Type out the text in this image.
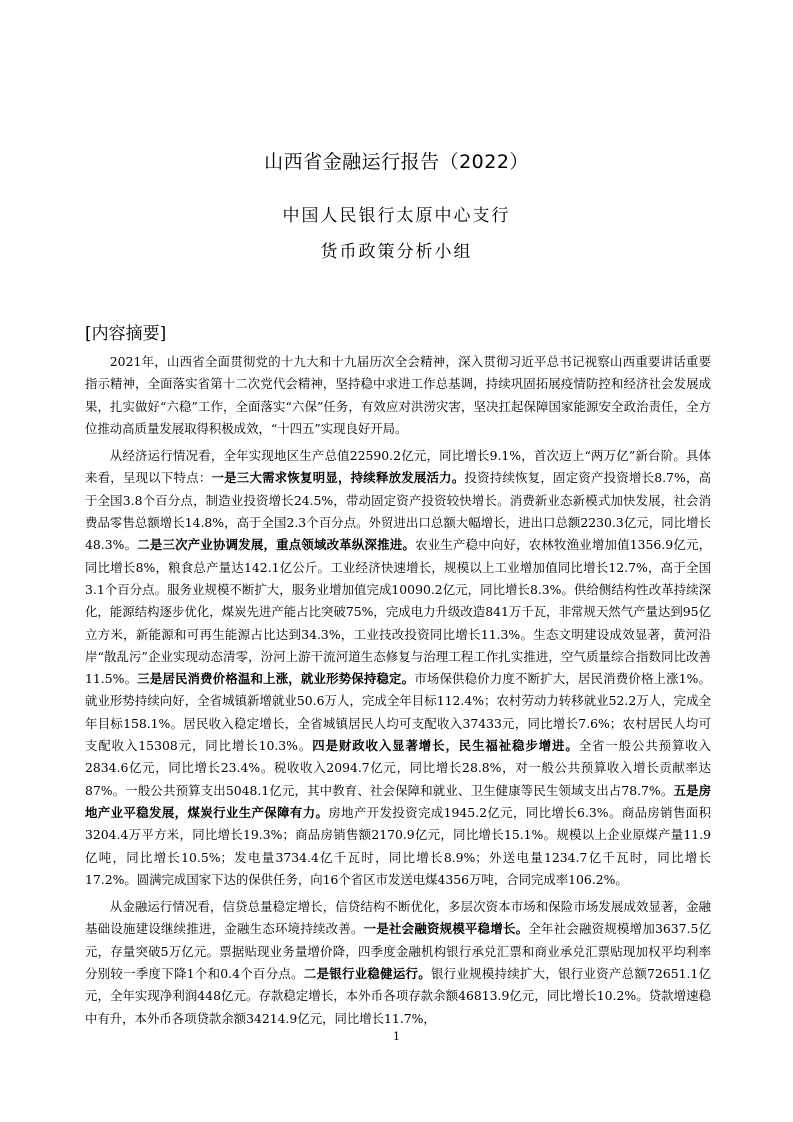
山西省金融运行报告（2022）
中国人民银行太原中心支行
货币政策分析小组
[内容摘要]

2021年，山西省全面贯彻党的十九大和十九届历次全会精神，深入贯彻习近平总书记视察山西重要讲话重要指示精神，全面落实省第十二次党代会精神，坚持稳中求进工作总基调，持续巩固拓展疫情防控和经济社会发展成果，扎实做好“六稳”工作，全面落实“六保”任务，有效应对洪涝灾害，坚决扛起保障国家能源安全政治责任，全方位推动高质量发展取得积极成效，“十四五”实现良好开局。

从经济运行情况看，全年实现地区生产总值22590.2亿元，同比增长9.1%，首次迈上“两万亿”新台阶。具体来看，呈现以下特点：一是三大需求恢复明显，持续释放发展活力。投资持续恢复，固定资产投资增长8.7%，高于全国3.8个百分点，制造业投资增长24.5%，带动固定资产投资较快增长。消费新业态新模式加快发展，社会消费品零售总额增长14.8%，高于全国2.3个百分点。外贸进出口总额大幅增长，进出口总额2230.3亿元，同比增长48.3%。二是三次产业协调发展，重点领域改革纵深推进。农业生产稳中向好，农林牧渔业增加值1356.9亿元，同比增长8%，粮食总产量达142.1亿公斤。工业经济快速增长，规模以上工业增加值同比增长12.7%，高于全国3.1个百分点。服务业规模不断扩大，服务业增加值完成10090.2亿元，同比增长8.3%。供给侧结构性改革持续深化，能源结构逐步优化，煤炭先进产能占比突破75%，完成电力升级改造841万千瓦，非常规天然气产量达到95亿立方米，新能源和可再生能源占比达到34.3%，工业技改投资同比增长11.3%。生态文明建设成效显著，黄河沿岸“散乱污”企业实现动态清零，汾河上游干流河道生态修复与治理工程工作扎实推进，空气质量综合指数同比改善11.5%。三是居民消费价格温和上涨，就业形势保持稳定。市场保供稳价力度不断扩大，居民消费价格上涨1%。就业形势持续向好，全省城镇新增就业50.6万人，完成全年目标112.4%；农村劳动力转移就业52.2万人，完成全年目标158.1%。居民收入稳定增长，全省城镇居民人均可支配收入37433元，同比增长7.6%；农村居民人均可支配收入15308元，同比增长10.3%。四是财政收入显著增长，民生福祉稳步增进。全省一般公共预算收入2834.6亿元，同比增长23.4%。税收收入2094.7亿元，同比增长28.8%，对一般公共预算收入增长贡献率达87%。一般公共预算支出5048.1亿元，其中教育、社会保障和就业、卫生健康等民生领域支出占78.7%。五是房地产业平稳发展，煤炭行业生产保障有力。房地产开发投资完成1945.2亿元，同比增长6.3%。商品房销售面积3204.4万平方米，同比增长19.3%；商品房销售额2170.9亿元，同比增长15.1%。规模以上企业原煤产量11.9亿吨，同比增长10.5%；发电量3734.4亿千瓦时，同比增长8.9%；外送电量1234.7亿千瓦时，同比增长17.2%。圆满完成国家下达的保供任务，向16个省区市发送电煤4356万吨，合同完成率106.2%。

从金融运行情况看，信贷总量稳定增长，信贷结构不断优化，多层次资本市场和保险市场发展成效显著，金融基础设施建设继续推进，金融生态环境持续改善。一是社会融资规模平稳增长。全年社会融资规模增加3637.5亿元，存量突破5万亿元。票据贴现业务量增价降，四季度金融机构银行承兑汇票和商业承兑汇票贴现加权平均利率分别较一季度下降1个和0.4个百分点。二是银行业稳健运行。银行业规模持续扩大，银行业资产总额72651.1亿元，全年实现净利润448亿元。存款稳定增长，本外币各项存款余额46813.9亿元，同比增长10.2%。贷款增速稳中有升，本外币各项贷款余额34214.9亿元，同比增长11.7%，

1
